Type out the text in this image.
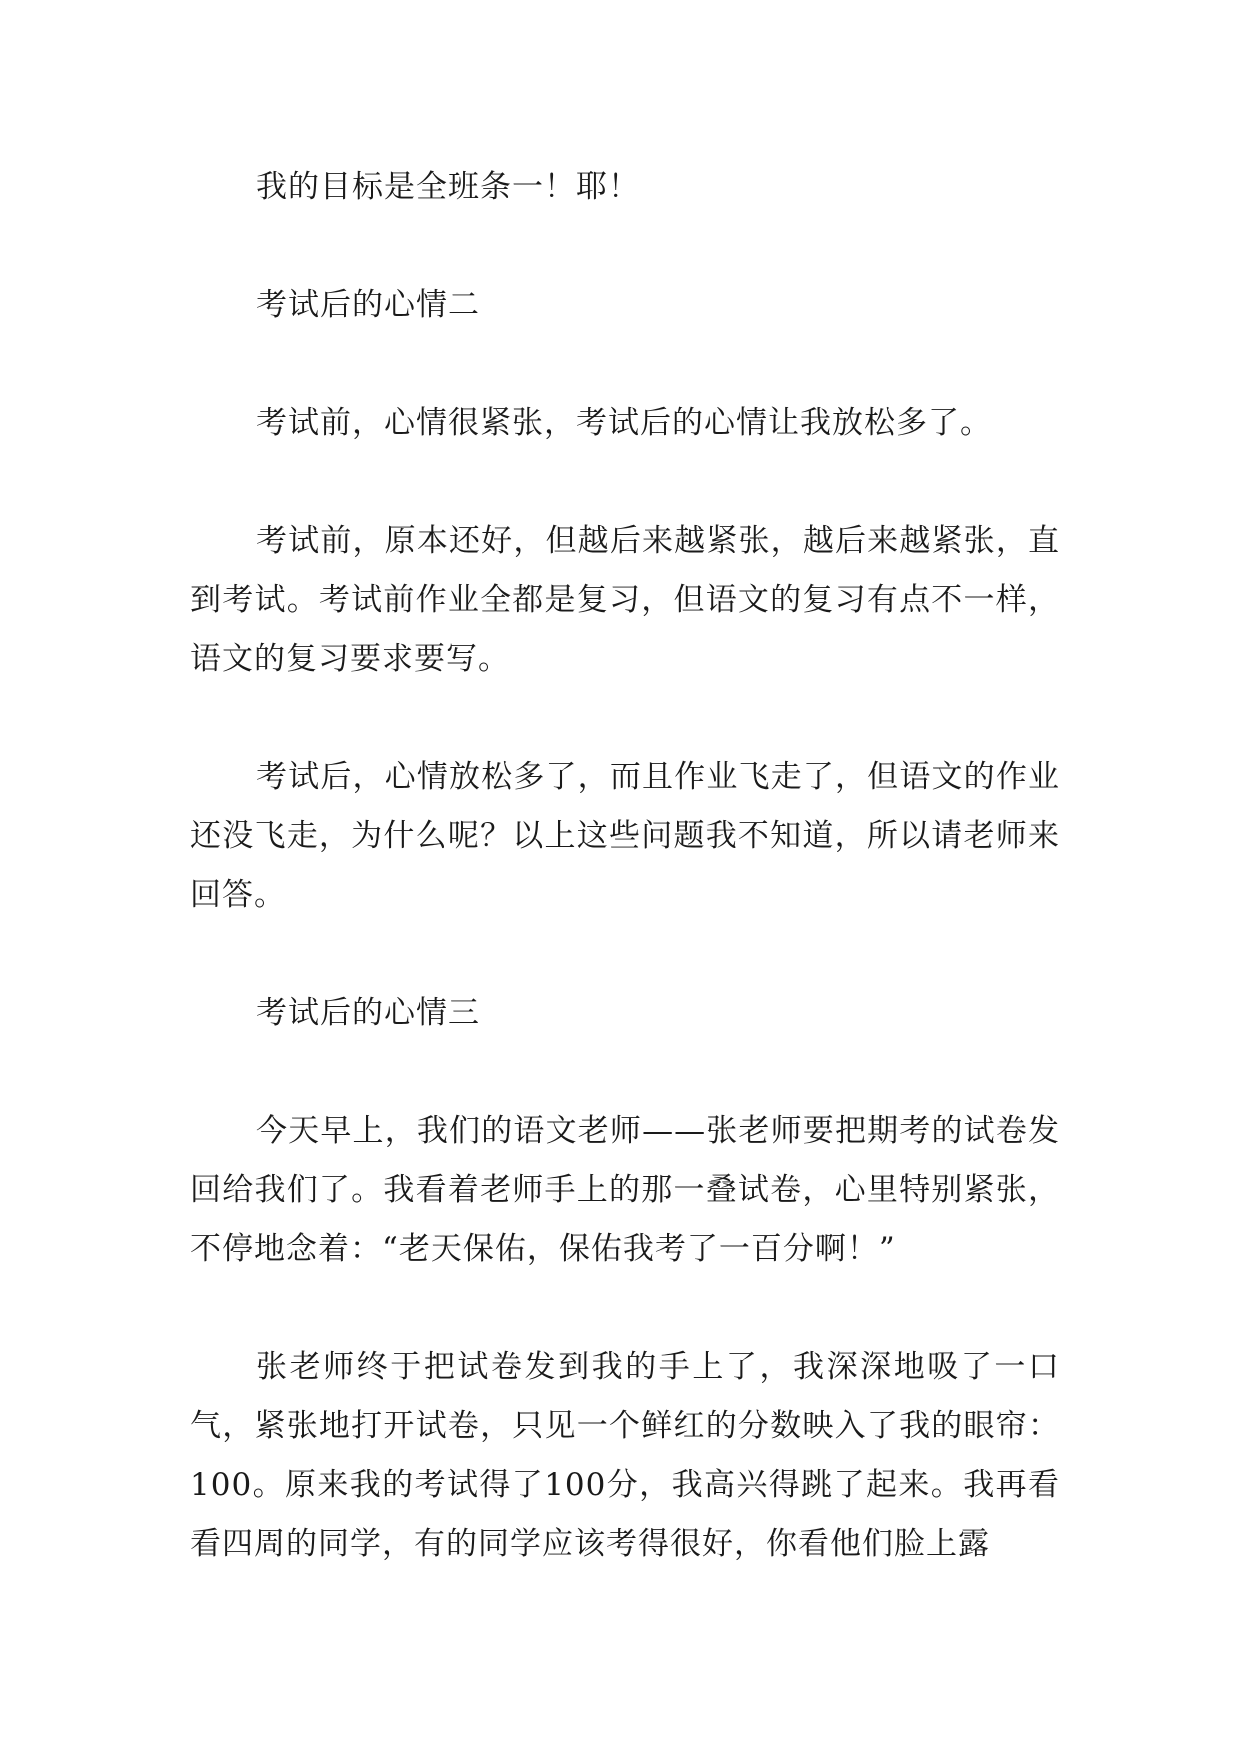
我的目标是全班条一！耶！

考试后的心情二

考试前，心情很紧张，考试后的心情让我放松多了。

考试前，原本还好，但越后来越紧张，越后来越紧张，直到考试。考试前作业全都是复习，但语文的复习有点不一样，语文的复习要求要写。

考试后，心情放松多了，而且作业飞走了，但语文的作业还没飞走，为什么呢？以上这些问题我不知道，所以请老师来回答。

考试后的心情三

今天早上，我们的语文老师——张老师要把期考的试卷发回给我们了。我看着老师手上的那一叠试卷，心里特别紧张，不停地念着：“老天保佑，保佑我考了一百分啊！”

张老师终于把试卷发到我的手上了，我深深地吸了一口气，紧张地打开试卷，只见一个鲜红的分数映入了我的眼帘：100。原来我的考试得了100分，我高兴得跳了起来。我再看看四周的同学，有的同学应该考得很好，你看他们脸上露
